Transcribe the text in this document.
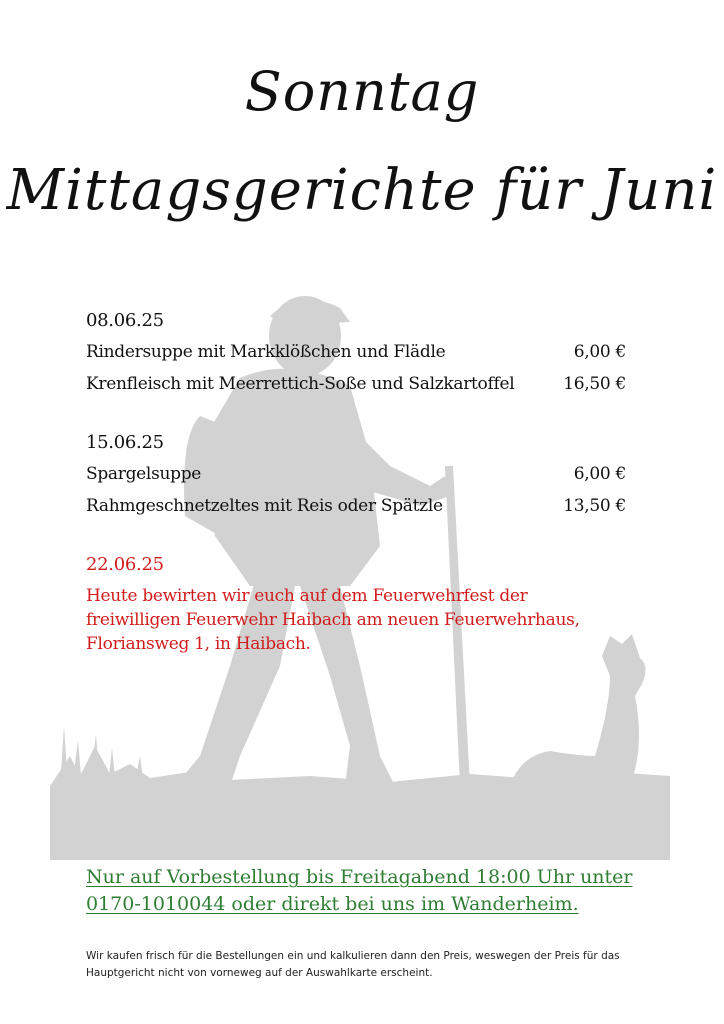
Sonntag
Mittagsgerichte für Juni
08.06.25
Rindersuppe mit Markklößchen und Flädle	6,00 €
Krenfleisch mit Meerrettich-Soße und Salzkartoffel	16,50 €
15.06.25
Spargelsuppe	6,00 €
Rahmgeschnetzeltes mit Reis oder Spätzle	13,50 €
22.06.25
Heute bewirten wir euch auf dem Feuerwehrfest der freiwilligen Feuerwehr Haibach am neuen Feuerwehrhaus, Floriansweg 1, in Haibach.
Nur auf Vorbestellung bis Freitagabend 18:00 Uhr unter 0170-1010044 oder direkt bei uns im Wanderheim.
Wir kaufen frisch für die Bestellungen ein und kalkulieren dann den Preis, weswegen der Preis für das Hauptgericht nicht von vorneweg auf der Auswahlkarte erscheint.
